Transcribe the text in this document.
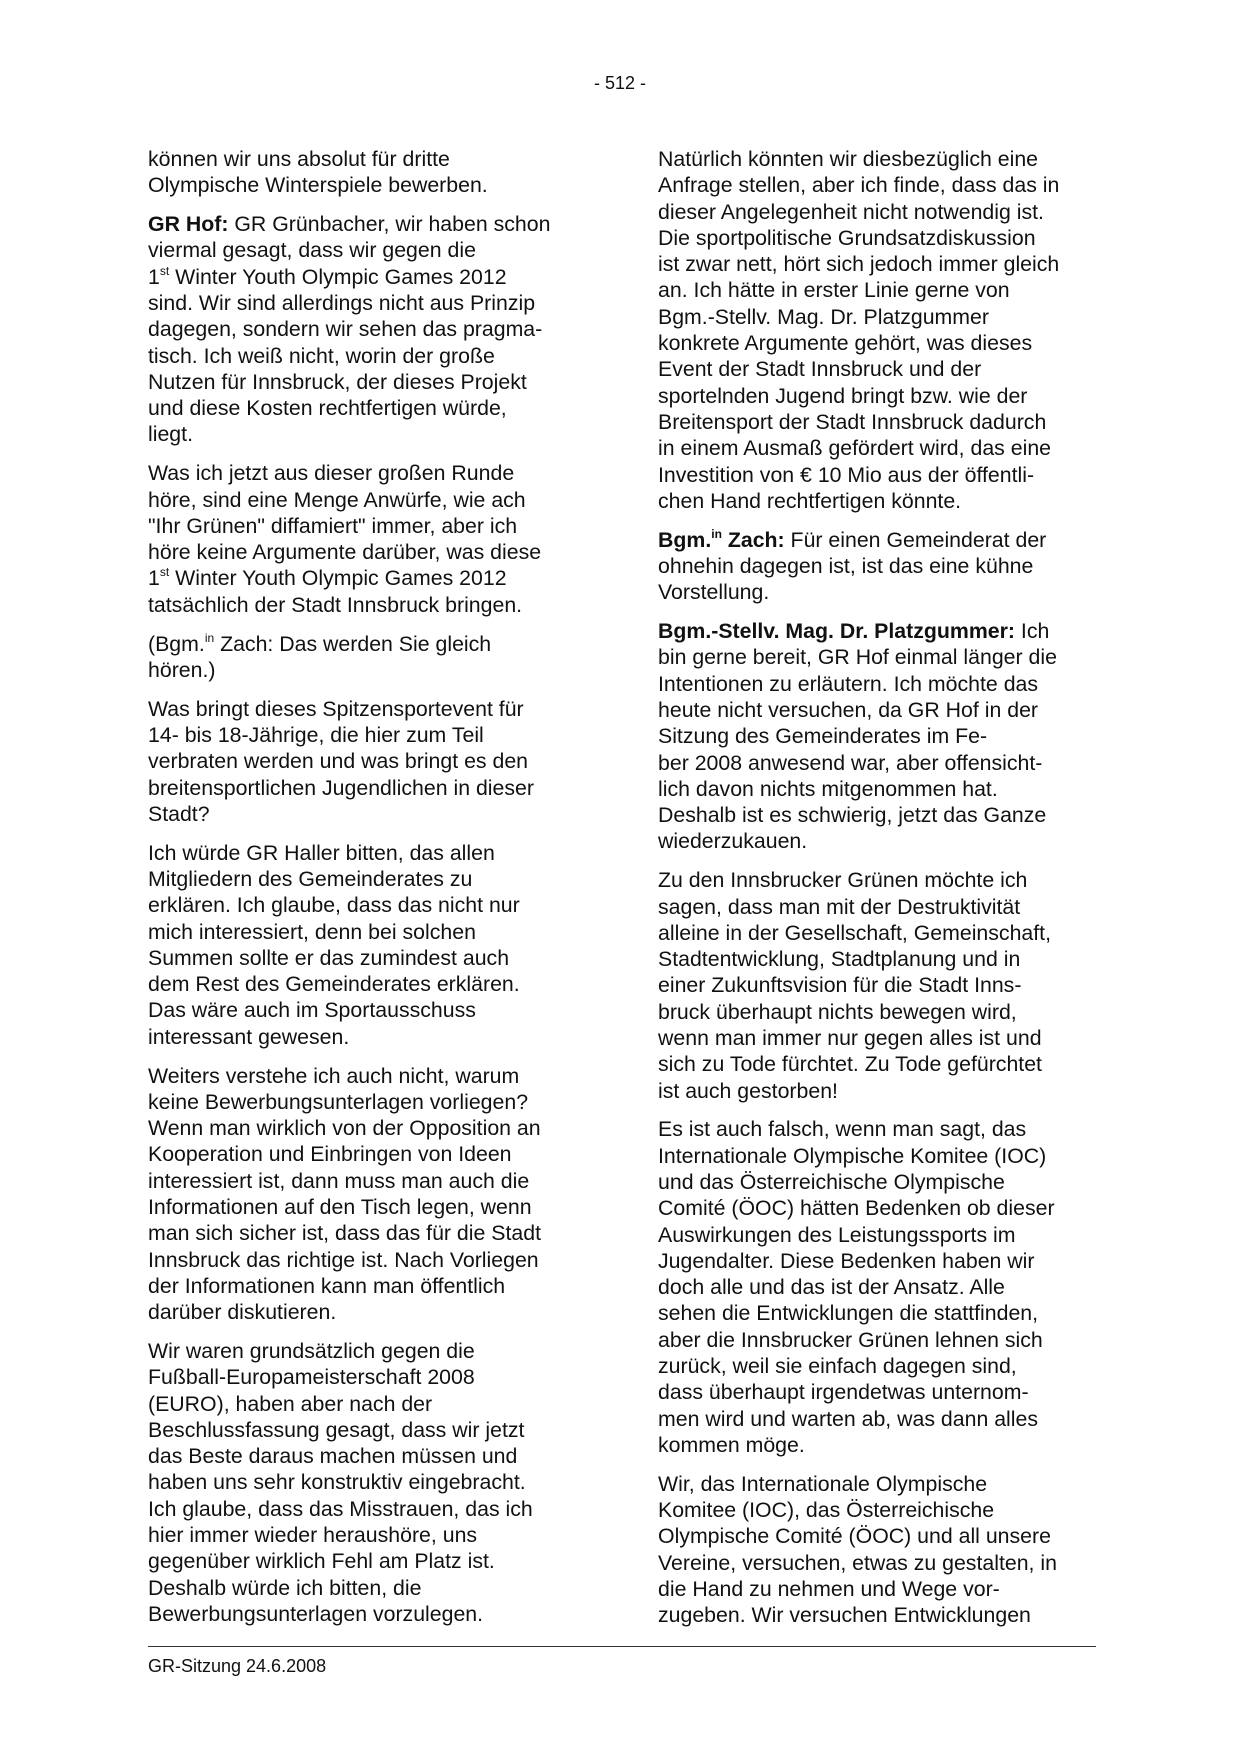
- 512 -

können wir uns absolut für dritte
Olympische Winterspiele bewerben.

GR Hof: GR Grünbacher, wir haben schon
viermal gesagt, dass wir gegen die
1st Winter Youth Olympic Games 2012
sind. Wir sind allerdings nicht aus Prinzip
dagegen, sondern wir sehen das pragma-
tisch. Ich weiß nicht, worin der große
Nutzen für Innsbruck, der dieses Projekt
und diese Kosten rechtfertigen würde,
liegt.

Was ich jetzt aus dieser großen Runde
höre, sind eine Menge Anwürfe, wie ach
"Ihr Grünen" diffamiert" immer, aber ich
höre keine Argumente darüber, was diese
1st Winter Youth Olympic Games 2012
tatsächlich der Stadt Innsbruck bringen.

(Bgm.$^{in}$ Zach: Das werden Sie gleich
hören.)

Was bringt dieses Spitzensportevent für
14- bis 18-Jährige, die hier zum Teil
verbraten werden und was bringt es den
breitensportlichen Jugendlichen in dieser
Stadt?

Ich würde GR Haller bitten, das allen
Mitgliedern des Gemeinderates zu
erklären. Ich glaube, dass das nicht nur
mich interessiert, denn bei solchen
Summen sollte er das zumindest auch
dem Rest des Gemeinderates erklären.
Das wäre auch im Sportausschuss
interessant gewesen.

Weiters verstehe ich auch nicht, warum
keine Bewerbungsunterlagen vorliegen?
Wenn man wirklich von der Opposition an
Kooperation und Einbringen von Ideen
interessiert ist, dann muss man auch die
Informationen auf den Tisch legen, wenn
man sich sicher ist, dass das für die Stadt
Innsbruck das richtige ist. Nach Vorliegen
der Informationen kann man öffentlich
darüber diskutieren.

Wir waren grundsätzlich gegen die
Fußball-Europameisterschaft 2008
(EURO), haben aber nach der
Beschlussfassung gesagt, dass wir jetzt
das Beste daraus machen müssen und
haben uns sehr konstruktiv eingebracht.
Ich glaube, dass das Misstrauen, das ich
hier immer wieder heraushöre, uns
gegenüber wirklich Fehl am Platz ist.
Deshalb würde ich bitten, die
Bewerbungsunterlagen vorzulegen.

Natürlich könnten wir diesbezüglich eine
Anfrage stellen, aber ich finde, dass das in
dieser Angelegenheit nicht notwendig ist.
Die sportpolitische Grundsatzdiskussion
ist zwar nett, hört sich jedoch immer gleich
an. Ich hätte in erster Linie gerne von
Bgm.-Stellv. Mag. Dr. Platzgummer
konkrete Argumente gehört, was dieses
Event der Stadt Innsbruck und der
sportelnden Jugend bringt bzw. wie der
Breitensport der Stadt Innsbruck dadurch
in einem Ausmaß gefördert wird, das eine
Investition von € 10 Mio aus der öffentli-
chen Hand rechtfertigen könnte.

Bgm.$^{in}$ Zach: Für einen Gemeinderat der
ohnehin dagegen ist, ist das eine kühne
Vorstellung.

Bgm.-Stellv. Mag. Dr. Platzgummer: Ich
bin gerne bereit, GR Hof einmal länger die
Intentionen zu erläutern. Ich möchte das
heute nicht versuchen, da GR Hof in der
Sitzung des Gemeinderates im Fe-
ber 2008 anwesend war, aber offensicht-
lich davon nichts mitgenommen hat.
Deshalb ist es schwierig, jetzt das Ganze
wiederzukauen.

Zu den Innsbrucker Grünen möchte ich
sagen, dass man mit der Destruktivität
alleine in der Gesellschaft, Gemeinschaft,
Stadtentwicklung, Stadtplanung und in
einer Zukunftsvision für die Stadt Inns-
bruck überhaupt nichts bewegen wird,
wenn man immer nur gegen alles ist und
sich zu Tode fürchtet. Zu Tode gefürchtet
ist auch gestorben!

Es ist auch falsch, wenn man sagt, das
Internationale Olympische Komitee (IOC)
und das Österreichische Olympische
Comité (ÖOC) hätten Bedenken ob dieser
Auswirkungen des Leistungssports im
Jugendalter. Diese Bedenken haben wir
doch alle und das ist der Ansatz. Alle
sehen die Entwicklungen die stattfinden,
aber die Innsbrucker Grünen lehnen sich
zurück, weil sie einfach dagegen sind,
dass überhaupt irgendetwas unternom-
men wird und warten ab, was dann alles
kommen möge.

Wir, das Internationale Olympische
Komitee (IOC), das Österreichische
Olympische Comité (ÖOC) und all unsere
Vereine, versuchen, etwas zu gestalten, in
die Hand zu nehmen und Wege vor-
zugeben. Wir versuchen Entwicklungen

GR-Sitzung 24.6.2008
